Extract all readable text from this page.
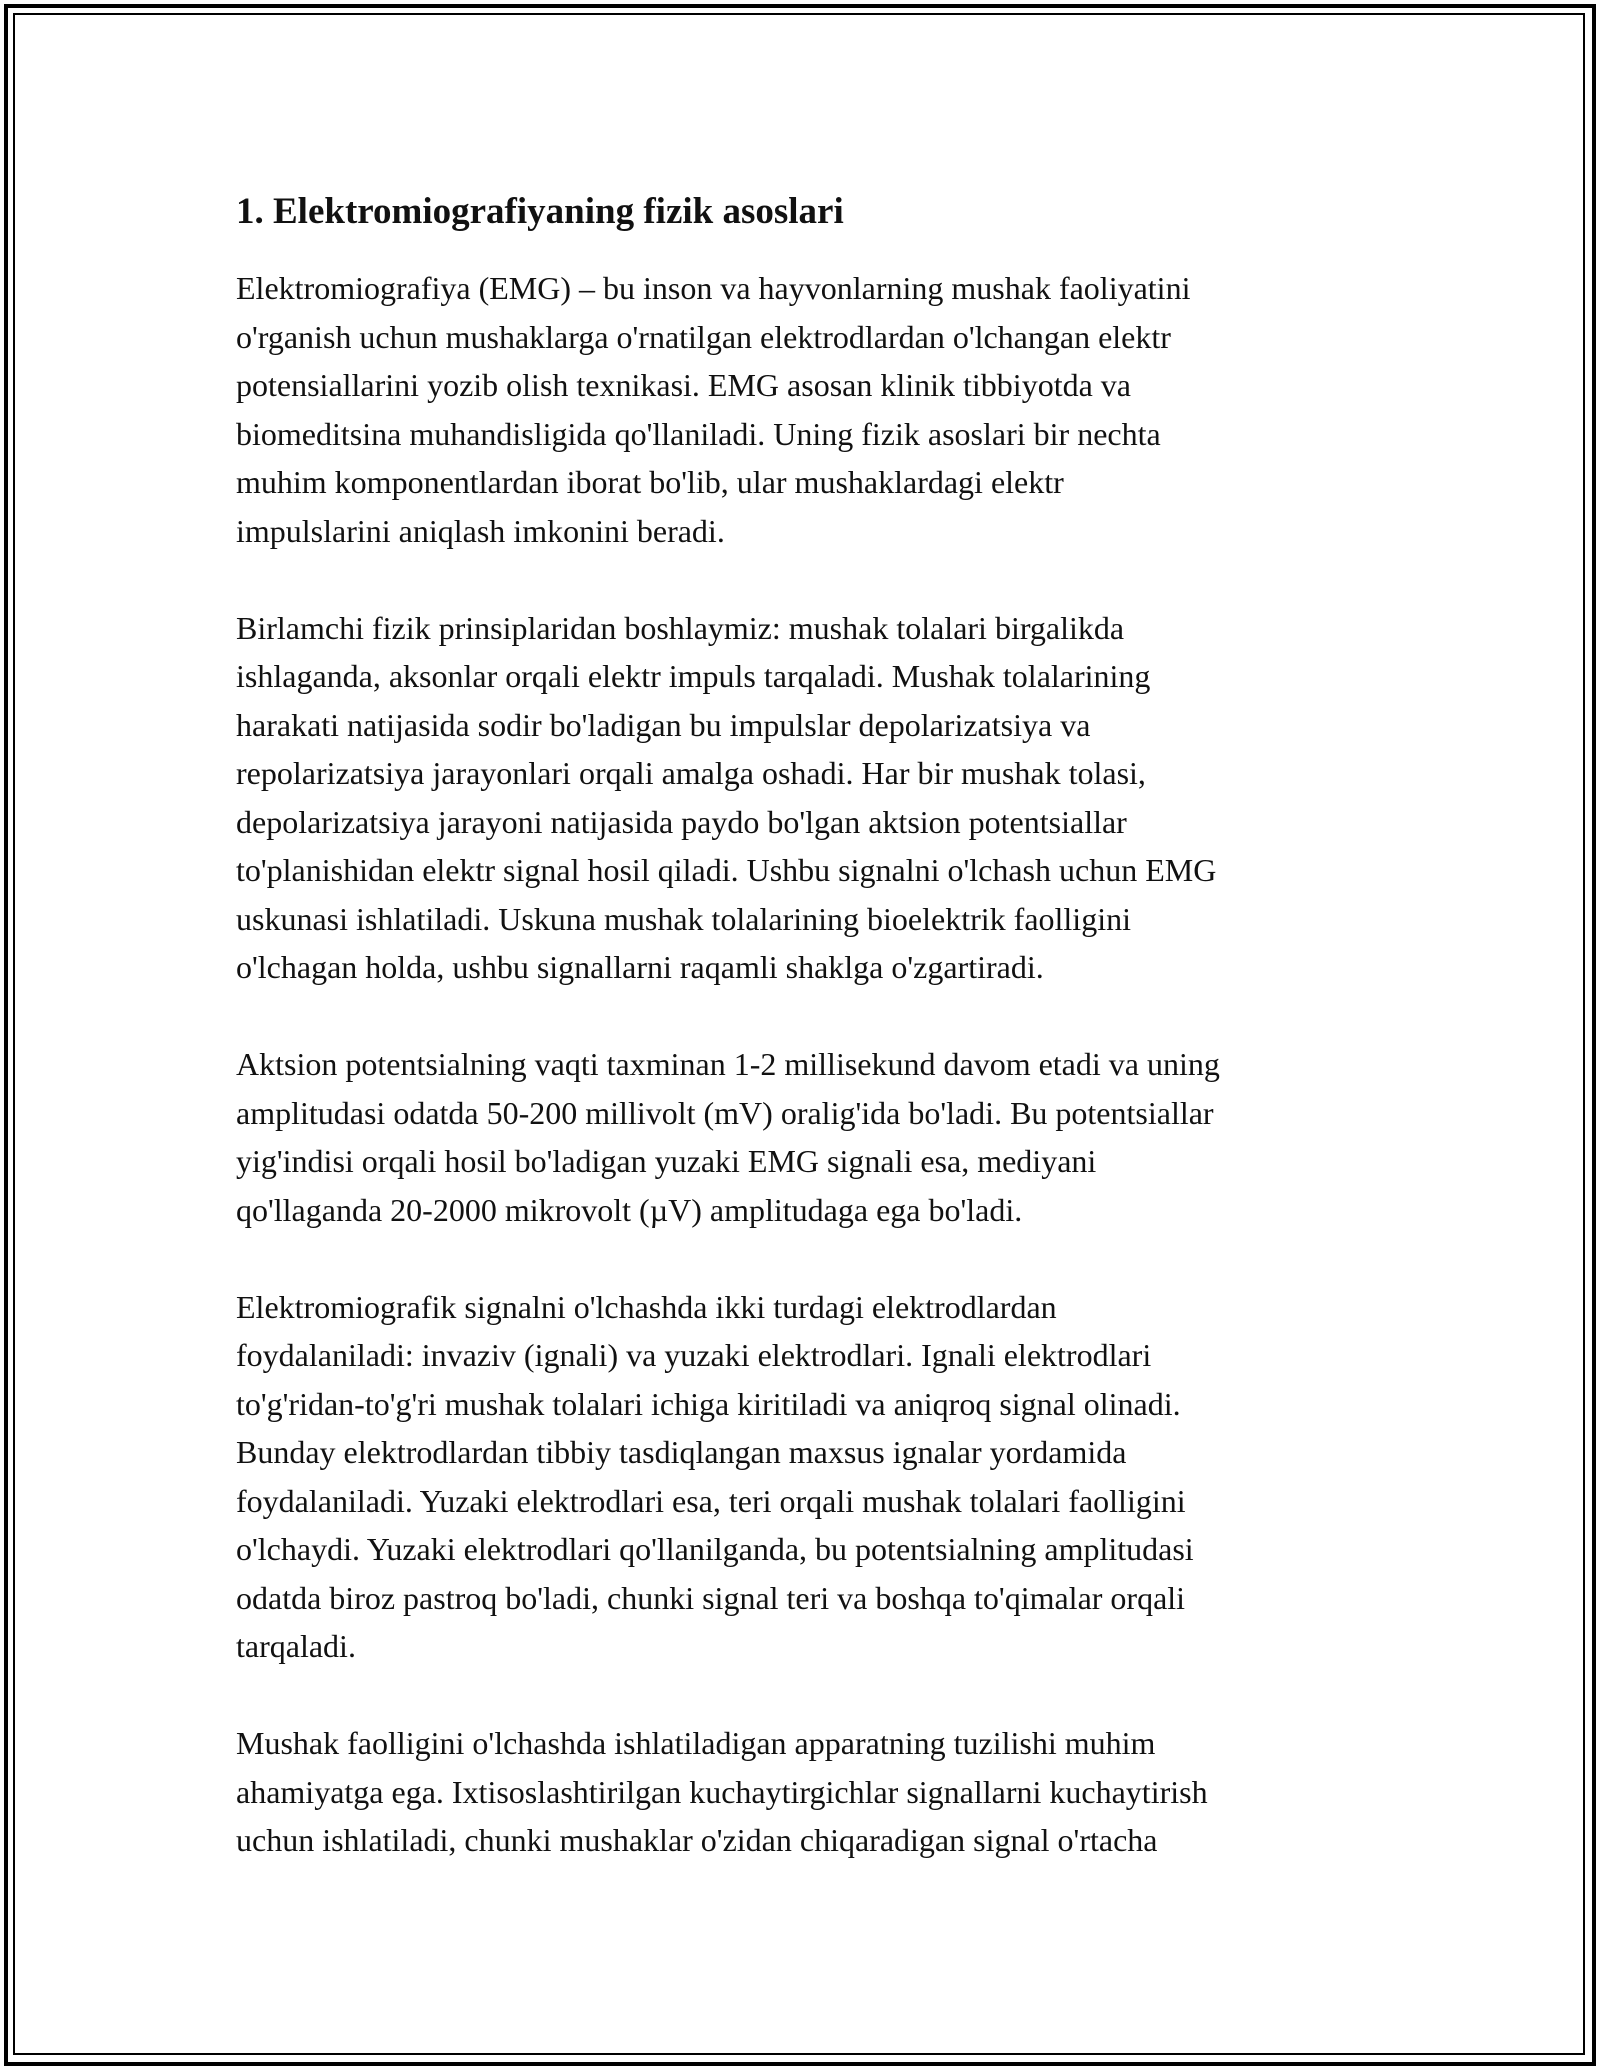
1. Elektromiografiyaning fizik asoslari

Elektromiografiya (EMG) – bu inson va hayvonlarning mushak faoliyatini
o'rganish uchun mushaklarga o'rnatilgan elektrodlardan o'lchangan elektr
potensiallarini yozib olish texnikasi. EMG asosan klinik tibbiyotda va
biomeditsina muhandisligida qo'llaniladi. Uning fizik asoslari bir nechta
muhim komponentlardan iborat bo'lib, ular mushaklardagi elektr
impulslarini aniqlash imkonini beradi.

Birlamchi fizik prinsiplaridan boshlaymiz: mushak tolalari birgalikda
ishlaganda, aksonlar orqali elektr impuls tarqaladi. Mushak tolalarining
harakati natijasida sodir bo'ladigan bu impulslar depolarizatsiya va
repolarizatsiya jarayonlari orqali amalga oshadi. Har bir mushak tolasi,
depolarizatsiya jarayoni natijasida paydo bo'lgan aktsion potentsiallar
to'planishidan elektr signal hosil qiladi. Ushbu signalni o'lchash uchun EMG
uskunasi ishlatiladi. Uskuna mushak tolalarining bioelektrik faolligini
o'lchagan holda, ushbu signallarni raqamli shaklga o'zgartiradi.

Aktsion potentsialning vaqti taxminan 1-2 millisekund davom etadi va uning
amplitudasi odatda 50-200 millivolt (mV) oralig'ida bo'ladi. Bu potentsiallar
yig'indisi orqali hosil bo'ladigan yuzaki EMG signali esa, mediyani
qo'llaganda 20-2000 mikrovolt (µV) amplitudaga ega bo'ladi.

Elektromiografik signalni o'lchashda ikki turdagi elektrodlardan
foydalaniladi: invaziv (ignali) va yuzaki elektrodlari. Ignali elektrodlari
to'g'ridan-to'g'ri mushak tolalari ichiga kiritiladi va aniqroq signal olinadi.
Bunday elektrodlardan tibbiy tasdiqlangan maxsus ignalar yordamida
foydalaniladi. Yuzaki elektrodlari esa, teri orqali mushak tolalari faolligini
o'lchaydi. Yuzaki elektrodlari qo'llanilganda, bu potentsialning amplitudasi
odatda biroz pastroq bo'ladi, chunki signal teri va boshqa to'qimalar orqali
tarqaladi.

Mushak faolligini o'lchashda ishlatiladigan apparatning tuzilishi muhim
ahamiyatga ega. Ixtisoslashtirilgan kuchaytirgichlar signallarni kuchaytirish
uchun ishlatiladi, chunki mushaklar o'zidan chiqaradigan signal o'rtacha
